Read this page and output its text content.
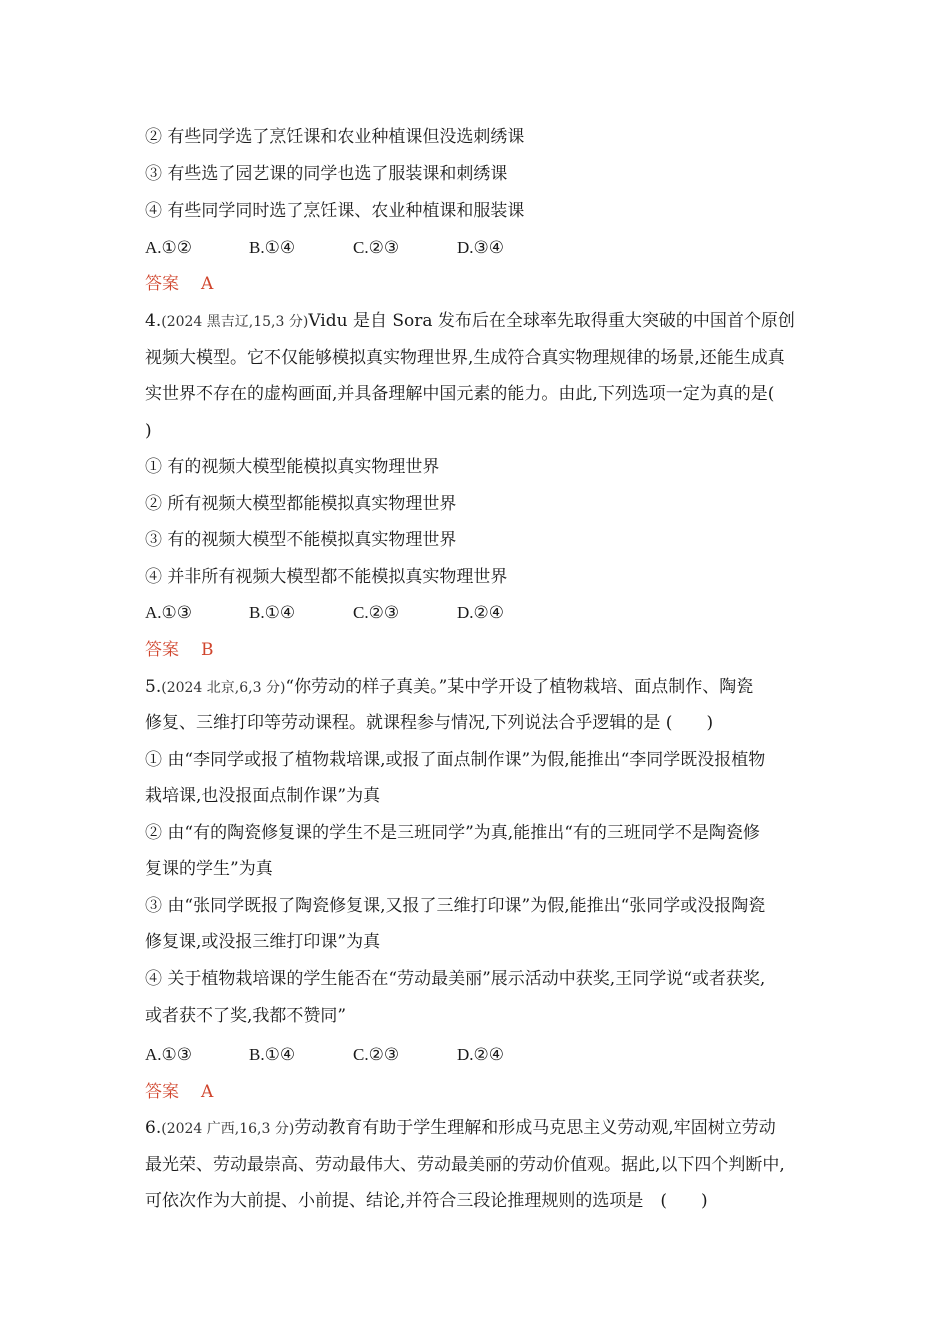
② 有些同学选了烹饪课和农业种植课但没选刺绣课
③ 有些选了园艺课的同学也选了服装课和刺绣课
④ 有些同学同时选了烹饪课、农业种植课和服装课
A.①②	B.①④	C.②③	D.③④
答案 A
4.(2024 黑吉辽,15,3 分)Vidu 是自 Sora 发布后在全球率先取得重大突破的中国首个原创
视频大模型。它不仅能够模拟真实物理世界,生成符合真实物理规律的场景,还能生成真
实世界不存在的虚构画面,并具备理解中国元素的能力。由此,下列选项一定为真的是(
)
① 有的视频大模型能模拟真实物理世界
② 所有视频大模型都能模拟真实物理世界
③ 有的视频大模型不能模拟真实物理世界
④ 并非所有视频大模型都不能模拟真实物理世界
A.①③	B.①④	C.②③	D.②④
答案 B
5.(2024 北京,6,3 分)“你劳动的样子真美。”某中学开设了植物栽培、面点制作、陶瓷
修复、三维打印等劳动课程。就课程参与情况,下列说法合乎逻辑的是 (　　)
① 由“李同学或报了植物栽培课,或报了面点制作课”为假,能推出“李同学既没报植物
栽培课,也没报面点制作课”为真
② 由“有的陶瓷修复课的学生不是三班同学”为真,能推出“有的三班同学不是陶瓷修
复课的学生”为真
③ 由“张同学既报了陶瓷修复课,又报了三维打印课”为假,能推出“张同学或没报陶瓷
修复课,或没报三维打印课”为真
④ 关于植物栽培课的学生能否在“劳动最美丽”展示活动中获奖,王同学说“或者获奖,
或者获不了奖,我都不赞同”
A.①③	B.①④	C.②③	D.②④
答案 A
6.(2024 广西,16,3 分)劳动教育有助于学生理解和形成马克思主义劳动观,牢固树立劳动
最光荣、劳动最崇高、劳动最伟大、劳动最美丽的劳动价值观。据此,以下四个判断中,
可依次作为大前提、小前提、结论,并符合三段论推理规则的选项是　(　　)
